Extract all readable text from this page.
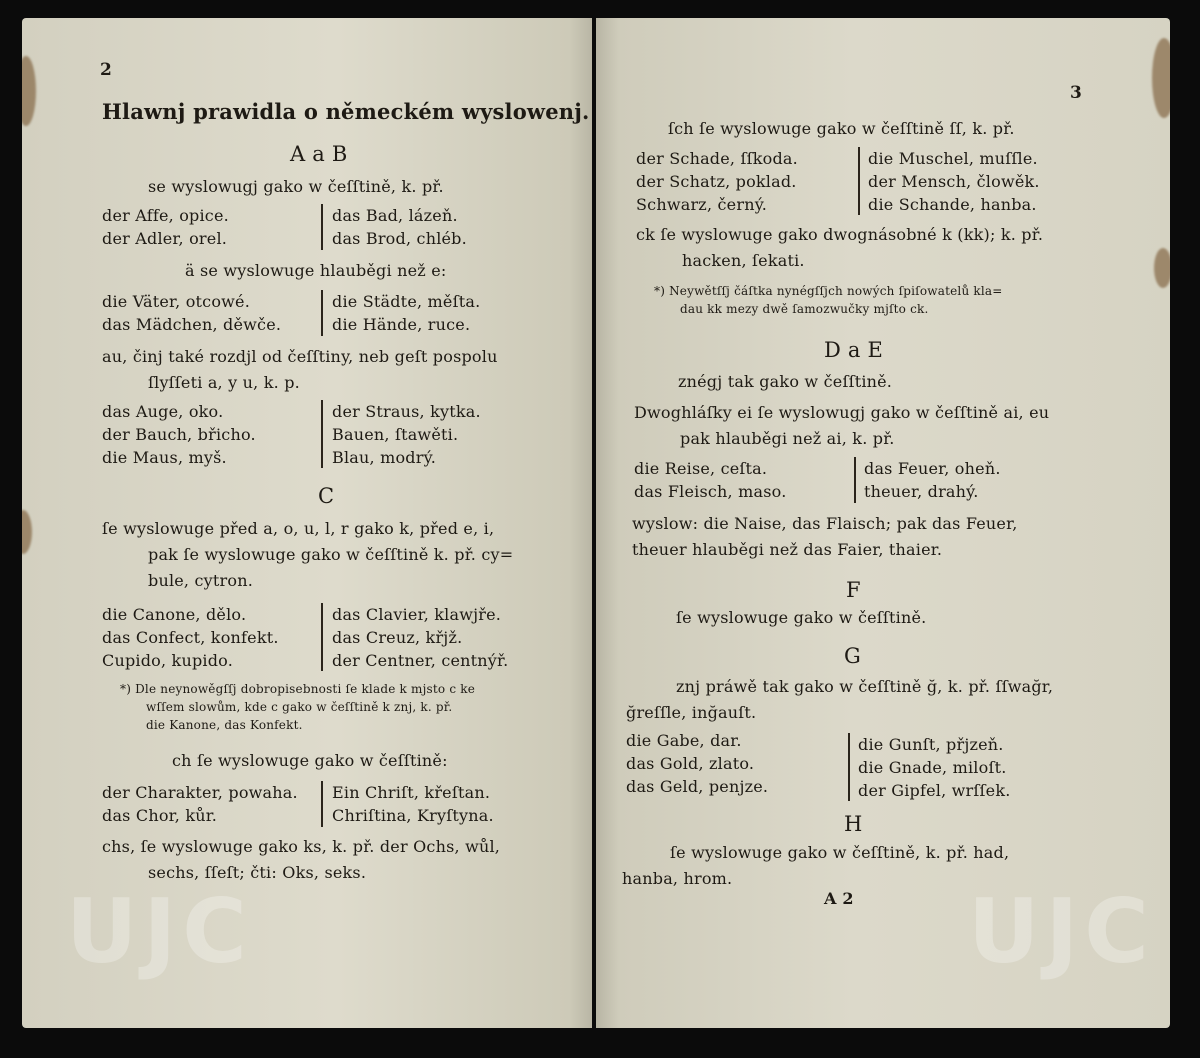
UJC
2
Hlawnj prawidla o německém wyslowenj.
A a B
se wyslowugj gako w čeſſtině, k. př.
der Affe, opice.
der Adler, orel.
das Bad, lázeň.
das Brod, chléb.
ä se wyslowuge hlauběgi než e:
die Väter, otcowé.
das Mädchen, děwče.
die Städte, měſta.
die Hände, ruce.
au, činj také rozdjl od čeſſtiny, neb geſt pospolu
ſlyſſeti a, y u, k. p.
das Auge, oko.
der Bauch, břicho.
die Maus, myš.
der Straus, kytka.
Bauen, ſtawěti.
Blau, modrý.
C
ſe wyslowuge před a, o, u, l, r gako k, před e, i,
pak ſe wyslowuge gako w čeſſtině k. př. cy=
bule, cytron.
die Canone, dělo.
das Confect, konfekt.
Cupido, kupido.
das Clavier, klawjře.
das Creuz, křjž.
der Centner, centnýř.
*) Dle neynowěgſſj dobropisebnosti ſe klade k mjsto c ke
wſſem slowům, kde c gako w čeſſtině k znj, k. př.
die Kanone, das Konfekt.
ch ſe wyslowuge gako w čeſſtině:
der Charakter, powaha.
das Chor, kůr.
Ein Chriſt, křeſtan.
Chriſtina, Kryſtyna.
chs, ſe wyslowuge gako ks, k. př. der Ochs, wůl,
sechs, ſſeſt; čti: Oks, seks.
UJC
3
ſch ſe wyslowuge gako w čeſſtině ſſ, k. př.
der Schade, ſſkoda.
der Schatz, poklad.
Schwarz, černý.
die Muschel, muſſle.
der Mensch, člowěk.
die Schande, hanba.
ck ſe wyslowuge gako dwognásobné k (kk); k. př.
hacken, ſekati.
*) Neywětſſj čáſtka nynégſſjch nowých ſpiſowatelů kla=
dau kk mezy dwě ſamozwučky mjſto ck.
D a E
znégj tak gako w čeſſtině.
Dwoghláſky ei ſe wyslowugj gako w čeſſtině ai, eu
pak hlauběgi než ai, k. př.
die Reise, ceſta.
das Fleisch, maso.
das Feuer, oheň.
theuer, drahý.
wyslow: die Naise, das Flaisch; pak das Feuer,
theuer hlauběgi než das Faier, thaier.
F
ſe wyslowuge gako w čeſſtině.
G
znj práwě tak gako w čeſſtině ğ, k. př. ſſwağr,
ğreſſle, inğauſt.
die Gabe, dar.
das Gold, zlato.
das Geld, penjze.
die Gunſt, přjzeň.
die Gnade, miloſt.
der Gipfel, wrſſek.
H
ſe wyslowuge gako w čeſſtině, k. př. had,
hanba, hrom.
A 2
